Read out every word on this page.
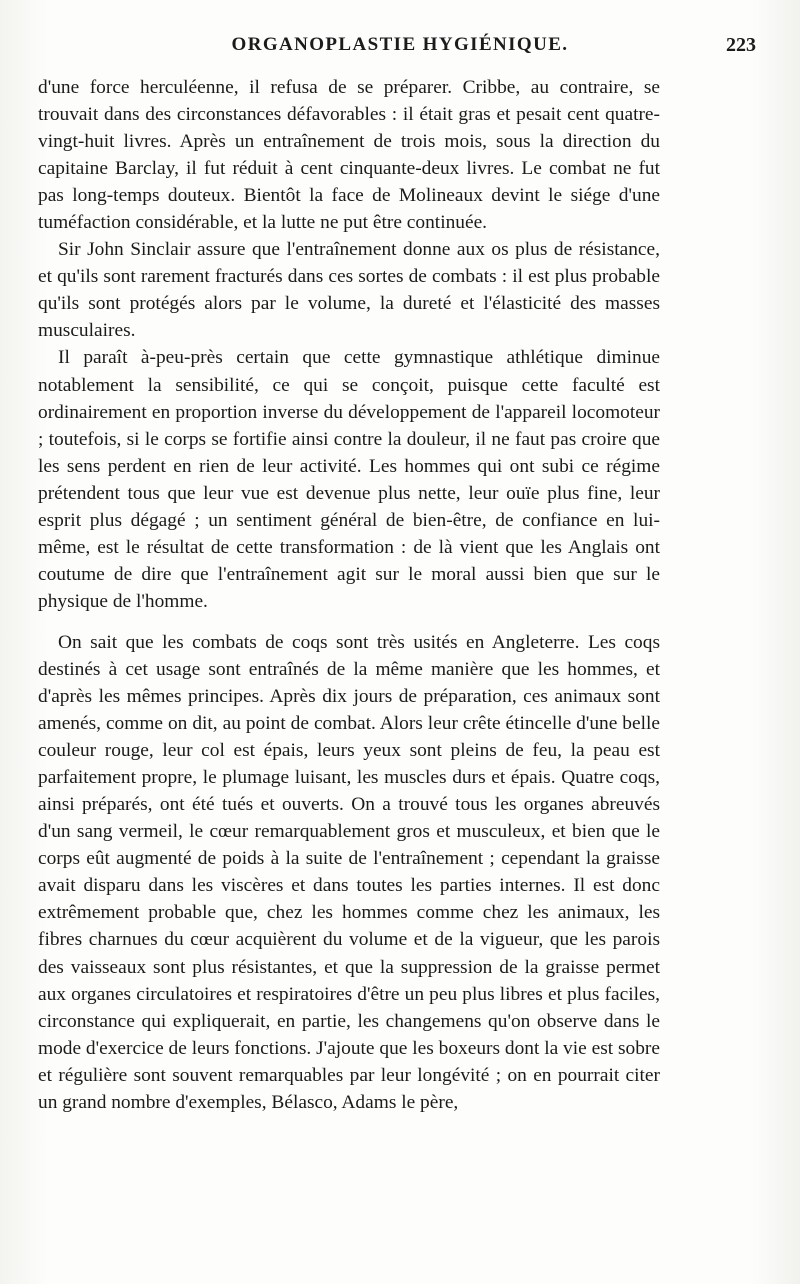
ORGANOPLASTIE HYGIÉNIQUE.	223

d'une force herculéenne, il refusa de se préparer. Cribbe, au contraire, se trouvait dans des circonstances défavorables : il était gras et pesait cent quatre-vingt-huit livres. Après un entraînement de trois mois, sous la direction du capitaine Barclay, il fut réduit à cent cinquante-deux livres. Le combat ne fut pas long-temps douteux. Bientôt la face de Molineaux devint le siége d'une tuméfaction considérable, et la lutte ne put être continuée.

Sir John Sinclair assure que l'entraînement donne aux os plus de résistance, et qu'ils sont rarement fracturés dans ces sortes de combats : il est plus probable qu'ils sont protégés alors par le volume, la dureté et l'élasticité des masses musculaires.

Il paraît à-peu-près certain que cette gymnastique athlétique diminue notablement la sensibilité, ce qui se conçoit, puisque cette faculté est ordinairement en proportion inverse du développement de l'appareil locomoteur ; toutefois, si le corps se fortifie ainsi contre la douleur, il ne faut pas croire que les sens perdent en rien de leur activité. Les hommes qui ont subi ce régime prétendent tous que leur vue est devenue plus nette, leur ouïe plus fine, leur esprit plus dégagé ; un sentiment général de bien-être, de confiance en lui-même, est le résultat de cette transformation : de là vient que les Anglais ont coutume de dire que l'entraînement agit sur le moral aussi bien que sur le physique de l'homme.

On sait que les combats de coqs sont très usités en Angleterre. Les coqs destinés à cet usage sont entraînés de la même manière que les hommes, et d'après les mêmes principes. Après dix jours de préparation, ces animaux sont amenés, comme on dit, au point de combat. Alors leur crête étincelle d'une belle couleur rouge, leur col est épais, leurs yeux sont pleins de feu, la peau est parfaitement propre, le plumage luisant, les muscles durs et épais. Quatre coqs, ainsi préparés, ont été tués et ouverts. On a trouvé tous les organes abreuvés d'un sang vermeil, le cœur remarquablement gros et musculeux, et bien que le corps eût augmenté de poids à la suite de l'entraînement ; cependant la graisse avait disparu dans les viscères et dans toutes les parties internes. Il est donc extrêmement probable que, chez les hommes comme chez les animaux, les fibres charnues du cœur acquièrent du volume et de la vigueur, que les parois des vaisseaux sont plus résistantes, et que la suppression de la graisse permet aux organes circulatoires et respiratoires d'être un peu plus libres et plus faciles, circonstance qui expliquerait, en partie, les changemens qu'on observe dans le mode d'exercice de leurs fonctions. J'ajoute que les boxeurs dont la vie est sobre et régulière sont souvent remarquables par leur longévité ; on en pourrait citer un grand nombre d'exemples, Bélasco, Adams le père,
